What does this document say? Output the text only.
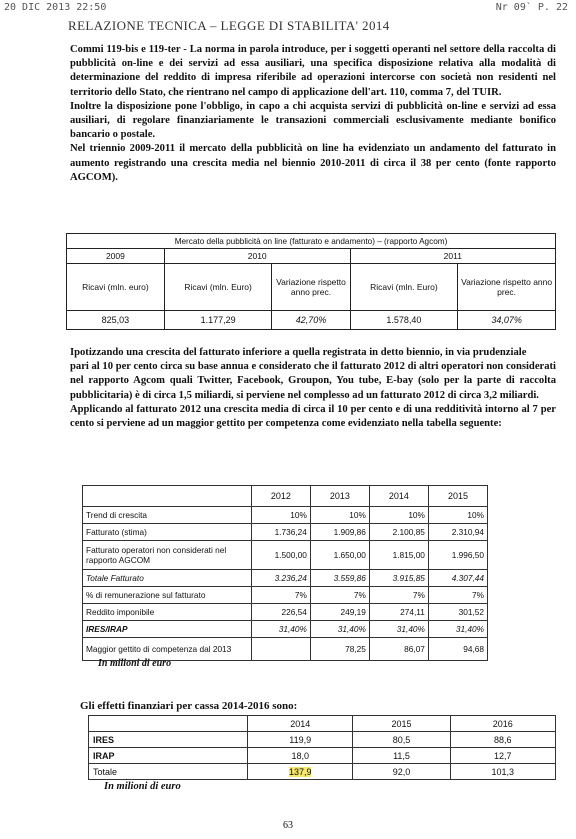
20 DIC 2013 22:50	Nr 09` P. 22
RELAZIONE TECNICA – LEGGE DI STABILITA' 2014

Commi 119-bis e 119-ter - La norma in parola introduce, per i soggetti operanti nel settore della raccolta di pubblicità on-line e dei servizi ad essa ausiliari, una specifica disposizione relativa alla modalità di determinazione del reddito di impresa riferibile ad operazioni intercorse con società non residenti nel territorio dello Stato, che rientrano nel campo di applicazione dell'art. 110, comma 7, del TUIR.

Inoltre la disposizione pone l'obbligo, in capo a chi acquista servizi di pubblicità on-line e servizi ad essa ausiliari, di regolare finanziariamente le transazioni commerciali esclusivamente mediante bonifico bancario o postale.

Nel triennio 2009-2011 il mercato della pubblicità on line ha evidenziato un andamento del fatturato in aumento registrando una crescita media nel biennio 2010-2011 di circa il 38 per cento (fonte rapporto AGCOM).

Mercato della pubblicità on line (fatturato e andamento) – (rapporto Agcom)				
2009	2010		2011	
Ricavi (mln. euro)	Ricavi (mln. Euro)	Variazione rispetto anno prec.	Ricavi (mln. Euro)	Variazione rispetto anno prec.
825,03	1.177,29	42,70%	1.578,40	34,07%

Ipotizzando una crescita del fatturato inferiore a quella registrata in detto biennio, in via prudenziale

pari al 10 per cento circa su base annua e considerato che il fatturato 2012 di altri operatori non considerati nel rapporto Agcom quali Twitter, Facebook, Groupon, You tube, E-bay (solo per la parte di raccolta pubblicitaria) è di circa 1,5 miliardi, si perviene nel complesso ad un fatturato 2012 di circa 3,2 miliardi.

Applicando al fatturato 2012 una crescita media di circa il 10 per cento e di una redditività intorno al 7 per cento si perviene ad un maggior gettito per competenza come evidenziato nella tabella seguente:

	2012	2013	2014	2015
Trend di crescita	10%	10%	10%	10%
Fatturato (stima)	1.736,24	1.909,86	2.100,85	2.310,94
Fatturato operatori non considerati nel rapporto AGCOM	1.500,00	1.650,00	1.815,00	1.996,50
Totale Fatturato	3.236,24	3.559,86	3.915,85	4.307,44
% di remunerazione sul fatturato	7%	7%	7%	7%
Reddito imponibile	226,54	249,19	274,11	301,52
IRES/IRAP	31,40%	31,40%	31,40%	31,40%
Maggior gettito di competenza dal 2013		78,25	86,07	94,68
In milioni di euro
Gli effetti finanziari per cassa 2014-2016 sono:
	2014	2015	2016
IRES	119,9	80,5	88,6
IRAP	18,0	11,5	12,7
Totale	137,9	92,0	101,3
In milioni di euro
63
